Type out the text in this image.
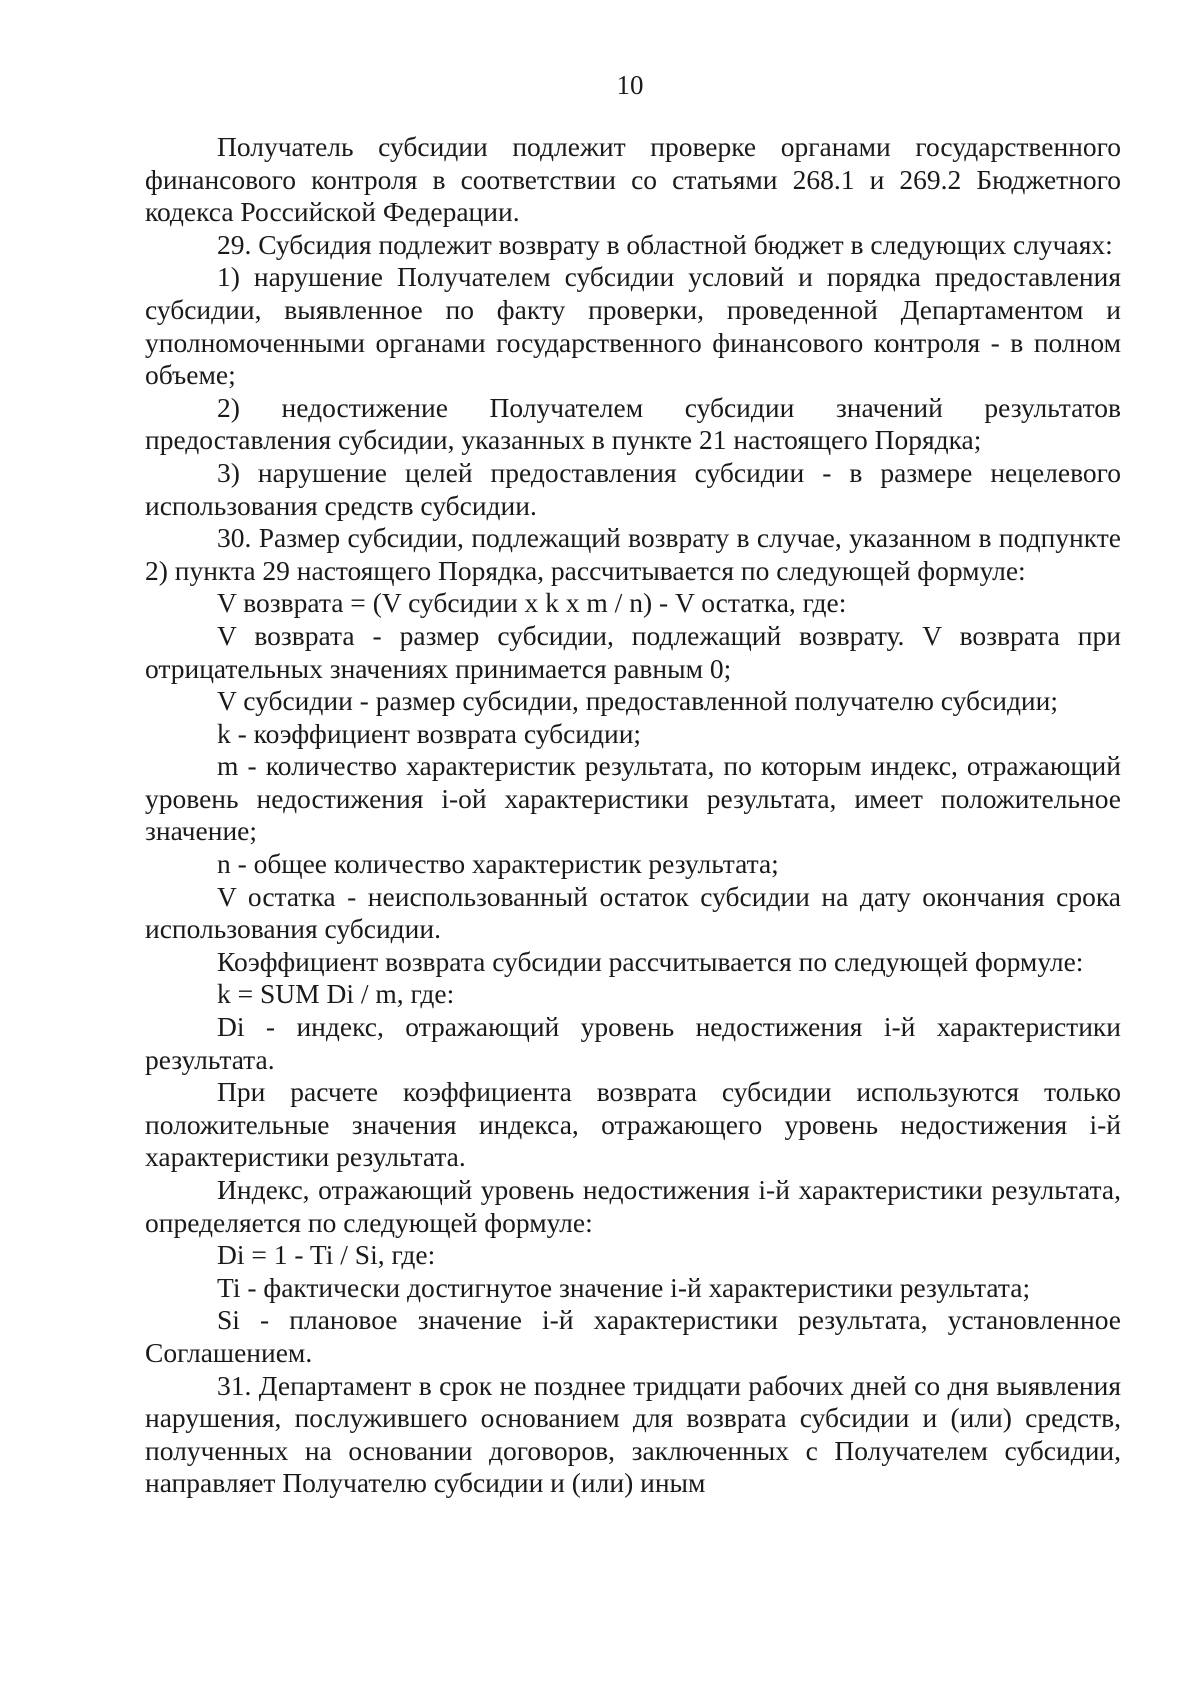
10

Получатель субсидии подлежит проверке органами государственного финансового контроля в соответствии со статьями 268.1 и 269.2 Бюджетного кодекса Российской Федерации.

29. Субсидия подлежит возврату в областной бюджет в следующих случаях:

1) нарушение Получателем субсидии условий и порядка предоставления субсидии, выявленное по факту проверки, проведенной Департаментом и уполномоченными органами государственного финансового контроля - в полном объеме;

2) недостижение Получателем субсидии значений результатов предоставления субсидии, указанных в пункте 21 настоящего Порядка;

3) нарушение целей предоставления субсидии - в размере нецелевого использования средств субсидии.

30. Размер субсидии, подлежащий возврату в случае, указанном в подпункте 2) пункта 29 настоящего Порядка, рассчитывается по следующей формуле:

V возврата = (V субсидии x k x m / n) - V остатка, где:

V возврата - размер субсидии, подлежащий возврату. V возврата при отрицательных значениях принимается равным 0;

V субсидии - размер субсидии, предоставленной получателю субсидии;

k - коэффициент возврата субсидии;

m - количество характеристик результата, по которым индекс, отражающий уровень недостижения i-ой характеристики результата, имеет положительное значение;

n - общее количество характеристик результата;

V остатка - неиспользованный остаток субсидии на дату окончания срока использования субсидии.

Коэффициент возврата субсидии рассчитывается по следующей формуле:

k = SUM Di / m, где:

Di - индекс, отражающий уровень недостижения i-й характеристики результата.

При расчете коэффициента возврата субсидии используются только положительные значения индекса, отражающего уровень недостижения i-й характеристики результата.

Индекс, отражающий уровень недостижения i-й характеристики результата, определяется по следующей формуле:

Di = 1 - Ti / Si, где:

Ti - фактически достигнутое значение i-й характеристики результата;

Si - плановое значение i-й характеристики результата, установленное Соглашением.

31. Департамент в срок не позднее тридцати рабочих дней со дня выявления нарушения, послужившего основанием для возврата субсидии и (или) средств, полученных на основании договоров, заключенных с Получателем субсидии, направляет Получателю субсидии и (или) иным
